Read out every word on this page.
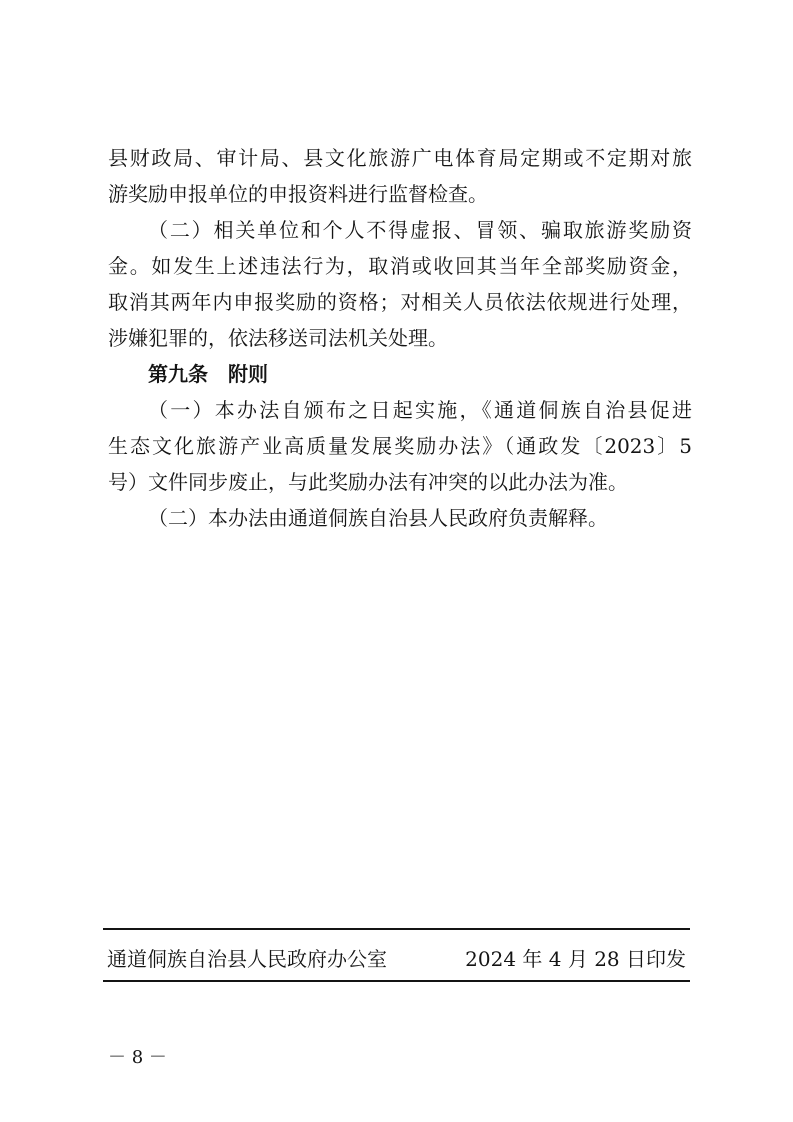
县财政局、审计局、县文化旅游广电体育局定期或不定期对旅
游奖励申报单位的申报资料进行监督检查。
（二）相关单位和个人不得虚报、冒领、骗取旅游奖励资
金。如发生上述违法行为，取消或收回其当年全部奖励资金，
取消其两年内申报奖励的资格；对相关人员依法依规进行处理，
涉嫌犯罪的，依法移送司法机关处理。
第九条　附则
（一）本办法自颁布之日起实施，《通道侗族自治县促进
生态文化旅游产业高质量发展奖励办法》（通政发〔2023〕5
号）文件同步废止，与此奖励办法有冲突的以此办法为准。
（二）本办法由通道侗族自治县人民政府负责解释。
通道侗族自治县人民政府办公室	2024 年 4 月 28 日印发
－ 8 －
